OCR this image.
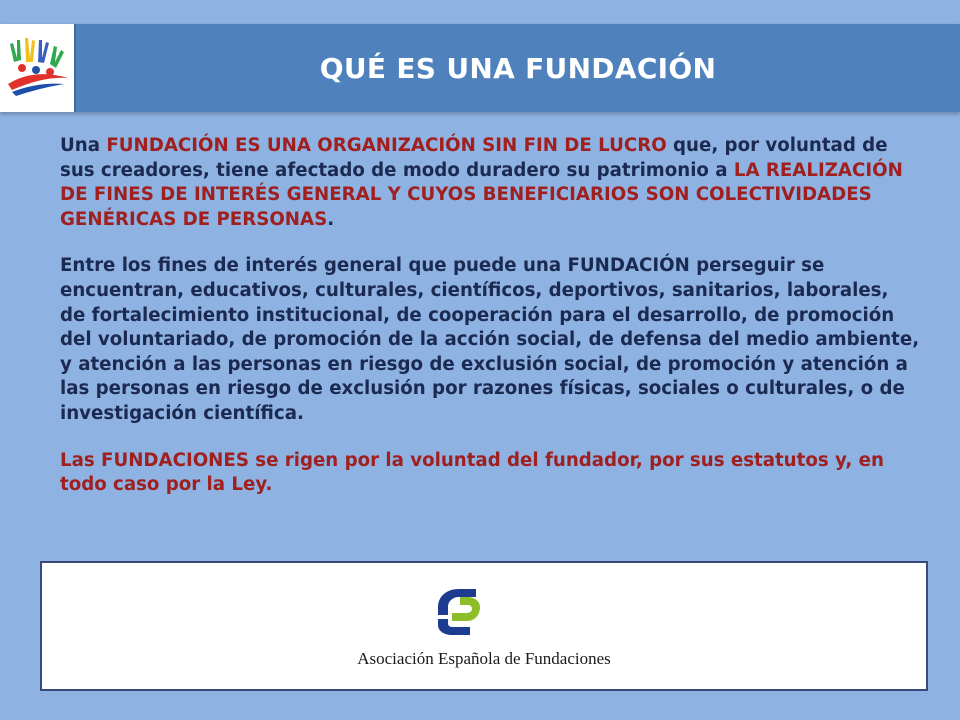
QUÉ ES UNA FUNDACIÓN

Una FUNDACIÓN ES UNA ORGANIZACIÓN SIN FIN DE LUCRO que, por voluntad de sus creadores, tiene afectado de modo duradero su patrimonio a LA REALIZACIÓN DE FINES DE INTERÉS GENERAL Y CUYOS BENEFICIARIOS SON COLECTIVIDADES GENÉRICAS DE PERSONAS.

Entre los fines de interés general que puede una FUNDACIÓN perseguir se encuentran, educativos, culturales, científicos, deportivos, sanitarios, laborales, de fortalecimiento institucional, de cooperación para el desarrollo, de promoción del voluntariado, de promoción de la acción social, de defensa del medio ambiente, y atención a las personas en riesgo de exclusión social, de promoción y atención a las personas en riesgo de exclusión por razones físicas, sociales o culturales, o de investigación científica.

Las FUNDACIONES se rigen por la voluntad del fundador, por sus estatutos y, en todo caso por la Ley.

Asociación Española de Fundaciones
